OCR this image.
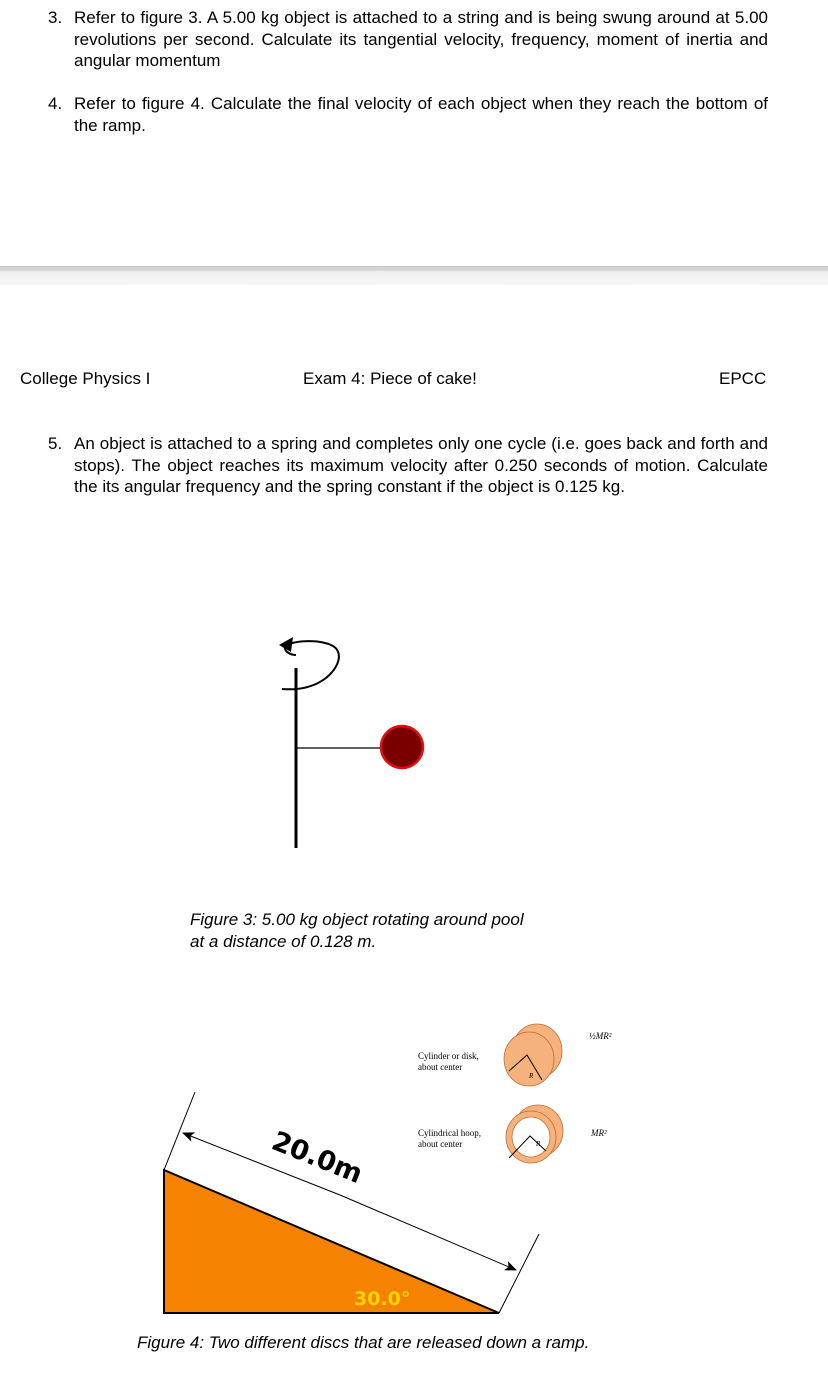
3. Refer to figure 3. A 5.00 kg object is attached to a string and is being swung around at 5.00 revolutions per second. Calculate its tangential velocity, frequency, moment of inertia and angular momentum
4. Refer to figure 4. Calculate the final velocity of each object when they reach the bottom of the ramp.
College Physics I	Exam 4: Piece of cake!	EPCC
5. An object is attached to a spring and completes only one cycle (i.e. goes back and forth and stops). The object reaches its maximum velocity after 0.250 seconds of motion. Calculate the its angular frequency and the spring constant if the object is 0.125 kg.
20.0m
30.0°
Cylinder or disk,
about center
R
½MR²
Cylindrical hoop,
about center	R
MR²
Figure 3: 5.00 kg object rotating around pool
at a distance of 0.128 m.
Figure 4: Two different discs that are released down a ramp.
